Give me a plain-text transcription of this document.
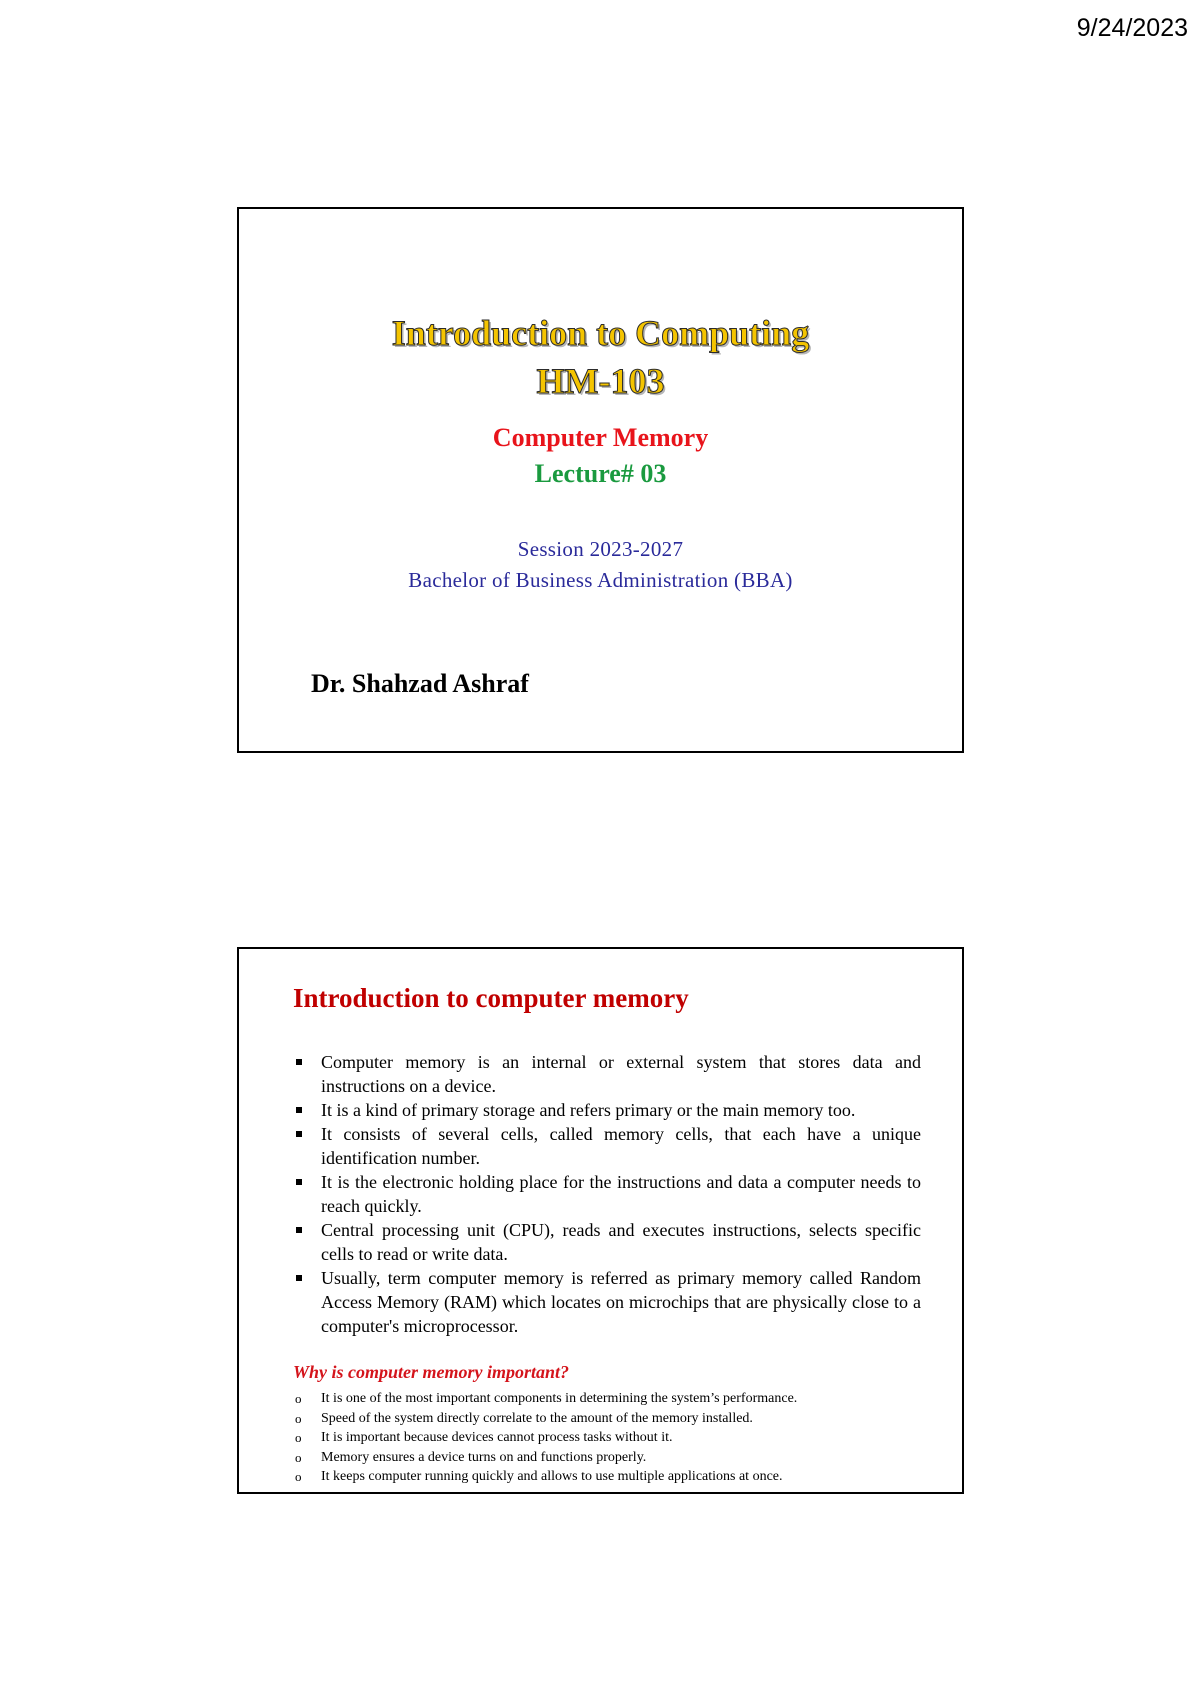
9/24/2023
Introduction to Computing
HM-103
Computer Memory
Lecture# 03
Session 2023-2027
Bachelor of Business Administration (BBA)
Dr. Shahzad Ashraf
Introduction to computer memory
Computer memory is an internal or external system that stores data and instructions on a device.
It is a kind of primary storage and refers primary or the main memory too.
It consists of several cells, called memory cells, that each have a unique identification number.
It is the electronic holding place for the instructions and data a computer needs to reach quickly.
Central processing unit (CPU), reads and executes instructions, selects specific cells to read or write data.
Usually, term computer memory is referred as primary memory called Random Access Memory (RAM) which locates on microchips that are physically close to a computer's microprocessor.
Why is computer memory important?
o It is one of the most important components in determining the system’s performance.
o Speed of the system directly correlate to the amount of the memory installed.
o It is important because devices cannot process tasks without it.
o Memory ensures a device turns on and functions properly.
o It keeps computer running quickly and allows to use multiple applications at once.
